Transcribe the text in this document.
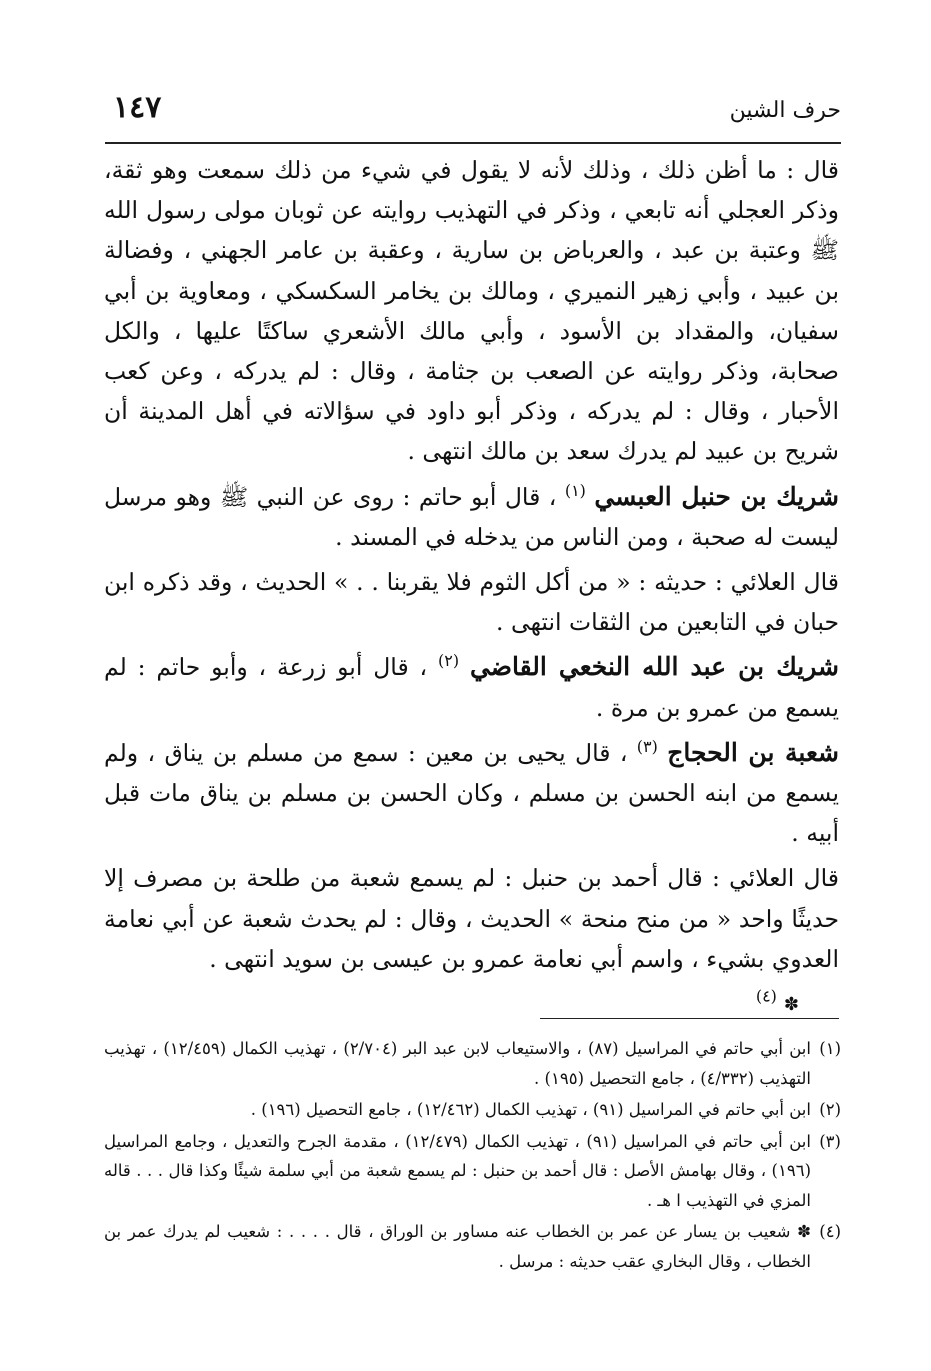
١٤٧	حرف الشين

قال : ما أظن ذلك ، وذلك لأنه لا يقول في شيء من ذلك سمعت وهو ثقة، وذكر العجلي أنه تابعي ، وذكر في التهذيب روايته عن ثوبان مولى رسول الله ﷺ وعتبة بن عبد ، والعرباض بن سارية ، وعقبة بن عامر الجهني ، وفضالة بن عبيد ، وأبي زهير النميري ، ومالك بن يخامر السكسكي ، ومعاوية بن أبي سفيان، والمقداد بن الأسود ، وأبي مالك الأشعري ساكتًا عليها ، والكل صحابة، وذكر روايته عن الصعب بن جثامة ، وقال : لم يدركه ، وعن كعب الأحبار ، وقال : لم يدركه ، وذكر أبو داود في سؤالاته في أهل المدينة أن شريح بن عبيد لم يدرك سعد بن مالك انتهى .

شريك بن حنبل العبسي $^{(١)}$ ، قال أبو حاتم : روى عن النبي ﷺ وهو مرسل ليست له صحبة ، ومن الناس من يدخله في المسند .

قال العلائي : حديثه : « من أكل الثوم فلا يقربنا . . » الحديث ، وقد ذكره ابن حبان في التابعين من الثقات انتهى .

شريك بن عبد الله النخعي القاضي $^{(٢)}$ ، قال أبو زرعة ، وأبو حاتم : لم يسمع من عمرو بن مرة .

شعبة بن الحجاج $^{(٣)}$ ، قال يحيى بن معين : سمع من مسلم بن يناق ، ولم يسمع من ابنه الحسن بن مسلم ، وكان الحسن بن مسلم بن يناق مات قبل أبيه .

قال العلائي : قال أحمد بن حنبل : لم يسمع شعبة من طلحة بن مصرف إلا حديثًا واحد « من منح منحة » الحديث ، وقال : لم يحدث شعبة عن أبي نعامة العدوي بشيء ، واسم أبي نعامة عمرو بن عيسى بن سويد انتهى .

✽ $^{(٤)}$
(١)ابن أبي حاتم في المراسيل (٨٧) ، والاستيعاب لابن عبد البر (٢/٧٠٤) ، تهذيب الكمال (١٢/٤٥٩) ، تهذيب التهذيب (٤/٣٣٢) ، جامع التحصيل (١٩٥) .
(٢)ابن أبي حاتم في المراسيل (٩١) ، تهذيب الكمال (١٢/٤٦٢) ، جامع التحصيل (١٩٦) .
(٣)ابن أبي حاتم في المراسيل (٩١) ، تهذيب الكمال (١٢/٤٧٩) ، مقدمة الجرح والتعديل ، وجامع المراسيل (١٩٦) ، وقال بهامش الأصل : قال أحمد بن حنبل : لم يسمع شعبة من أبي سلمة شيئًا وكذا قال . . . قاله المزي في التهذيب ا هـ .
(٤)✽ شعيب بن يسار عن عمر بن الخطاب عنه مساور بن الوراق ، قال . . . . : شعيب لم يدرك عمر بن الخطاب ، وقال البخاري عقب حديثه : مرسل .
